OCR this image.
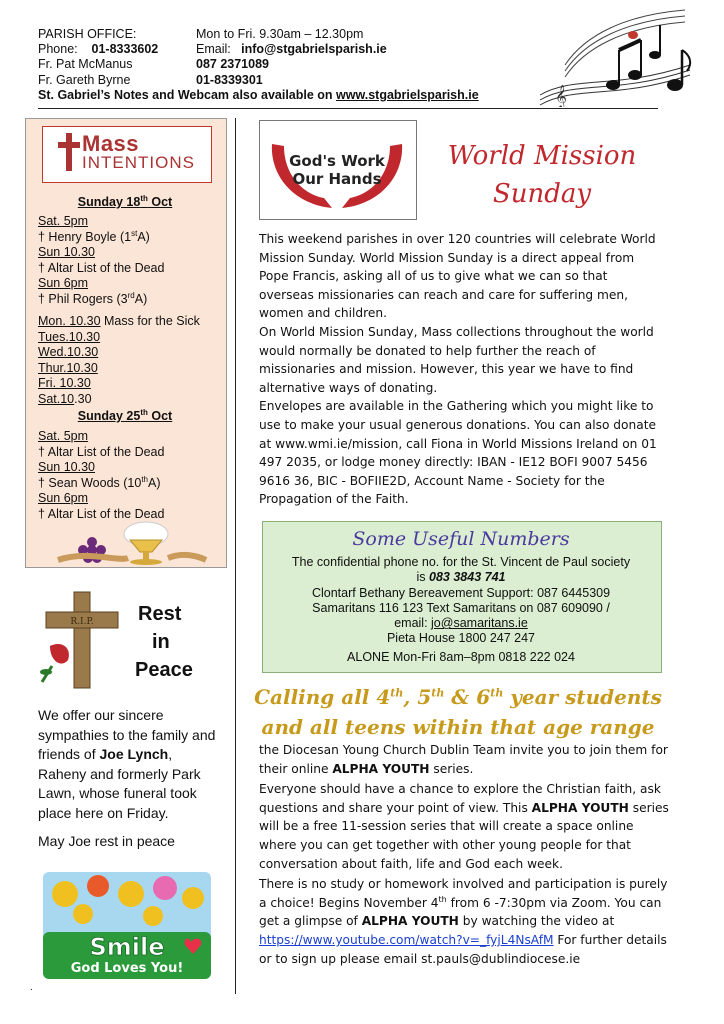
PARISH OFFICE:	Mon to Fri. 9.30am – 12.30pm
Phone: 01-8333602	Email: info@stgabrielsparish.ie
Fr. Pat McManus	087 2371089
Fr. Gareth Byrne	01-8339301
St. Gabriel’s Notes and Webcam also available on www.stgabrielsparish.ie	𝄞
Mass
INTENTIONS
Sunday 18th Oct
Sat. 5pm
† Henry Boyle (1stA)
Sun 10.30
† Altar List of the Dead
Sun 6pm
† Phil Rogers (3rdA)
Mon. 10.30 Mass for the Sick
Tues.10.30
Wed.10.30
Thur.10.30
Fri. 10.30
Sat.10.30
Sunday 25th Oct
Sat. 5pm
† Altar List of the Dead
Sun 10.30
† Sean Woods (10thA)
Sun 6pm
† Altar List of the Dead
R.I.P. Rest
in
Peace
We offer our sincere sympathies to the family and friends of Joe Lynch, Raheny and formerly Park Lawn, whose funeral took place here on Friday.
May Joe rest in peace
Smile
God Loves You!
.
God's Work
Our Hands
World Mission
Sunday
This weekend parishes in over 120 countries will celebrate World Mission Sunday. World Mission Sunday is a direct appeal from Pope Francis, asking all of us to give what we can so that overseas missionaries can reach and care for suffering men, women and children.
On World Mission Sunday, Mass collections throughout the world would normally be donated to help further the reach of missionaries and mission. However, this year we have to find alternative ways of donating.
Envelopes are available in the Gathering which you might like to use to make your usual generous donations. You can also donate at www.wmi.ie/mission, call Fiona in World Missions Ireland on 01 497 2035, or lodge money directly: IBAN - IE12 BOFI 9007 5456 9616 36, BIC - BOFIIE2D, Account Name - Society for the Propagation of the Faith.
Some Useful Numbers
The confidential phone no. for the St. Vincent de Paul society
is 083 3843 741
Clontarf Bethany Bereavement Support: 087 6445309
Samaritans 116 123 Text Samaritans on 087 609090 /
email: jo@samaritans.ie
Pieta House 1800 247 247
ALONE Mon-Fri 8am–8pm 0818 222 024
Calling all 4th, 5th & 6th year students
and all teens within that age range

the Diocesan Young Church Dublin Team invite you to join them for their online ALPHA YOUTH series.

Everyone should have a chance to explore the Christian faith, ask questions and share your point of view. This ALPHA YOUTH series will be a free 11-session series that will create a space online where you can get together with other young people for that conversation about faith, life and God each week.

There is no study or homework involved and participation is purely a choice! Begins November 4th from 6 -7:30pm via Zoom. You can get a glimpse of ALPHA YOUTH by watching the video at https://www.youtube.com/watch?v=_fyjL4NsAfM For further details or to sign up please email st.pauls@dublindiocese.ie
